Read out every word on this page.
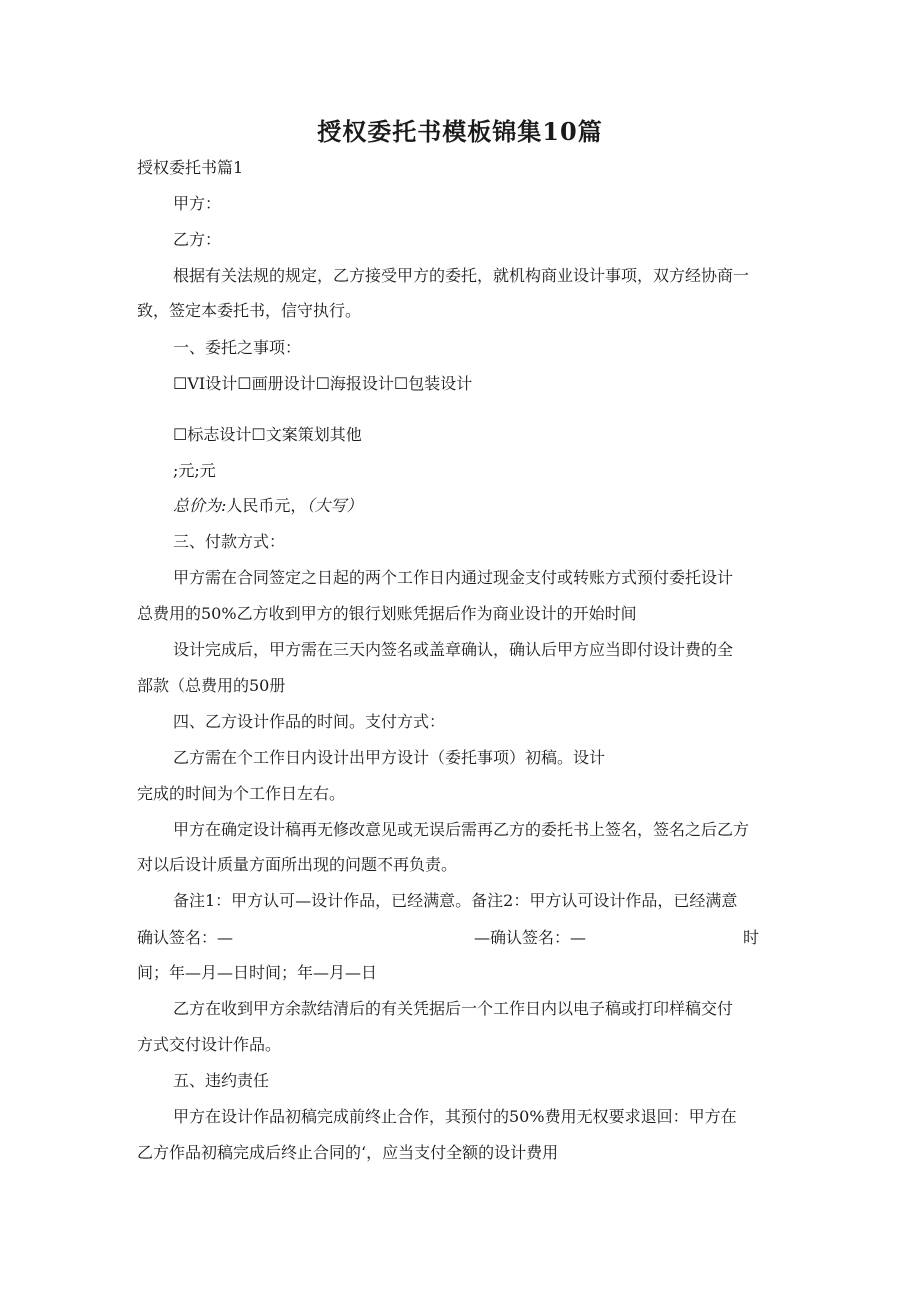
授权委托书模板锦集10篇
授权委托书篇1
甲方：
乙方：
根据有关法规的规定，乙方接受甲方的委托，就机构商业设计事项，双方经协商一
致，签定本委托书，信守执行。
一、委托之事项：
☐VI设计☐画册设计☐海报设计☐包装设计
☐标志设计☐文案策划其他
;元;元
总价为:人民币元，（大写）
三、付款方式：
甲方需在合同签定之日起的两个工作日内通过现金支付或转账方式预付委托设计
总费用的50%乙方收到甲方的银行划账凭据后作为商业设计的开始时间
设计完成后，甲方需在三天内签名或盖章确认，确认后甲方应当即付设计费的全
部款（总费用的50册
四、乙方设计作品的时间。支付方式：
乙方需在个工作日内设计出甲方设计（委托事项）初稿。设计
完成的时间为个工作日左右。
甲方在确定设计稿再无修改意见或无误后需再乙方的委托书上签名，签名之后乙方
对以后设计质量方面所出现的问题不再负责。
备注1：甲方认可—设计作品，已经满意。备注2：甲方认可设计作品，已经满意
确认签名：—	—确认签名：—	时
间；年—月—日时间；年—月—日
乙方在收到甲方余款结清后的有关凭据后一个工作日内以电子稿或打印样稿交付
方式交付设计作品。
五、违约责任
甲方在设计作品初稿完成前终止合作，其预付的50%费用无权要求退回：甲方在
乙方作品初稿完成后终止合同的‘，应当支付全额的设计费用
